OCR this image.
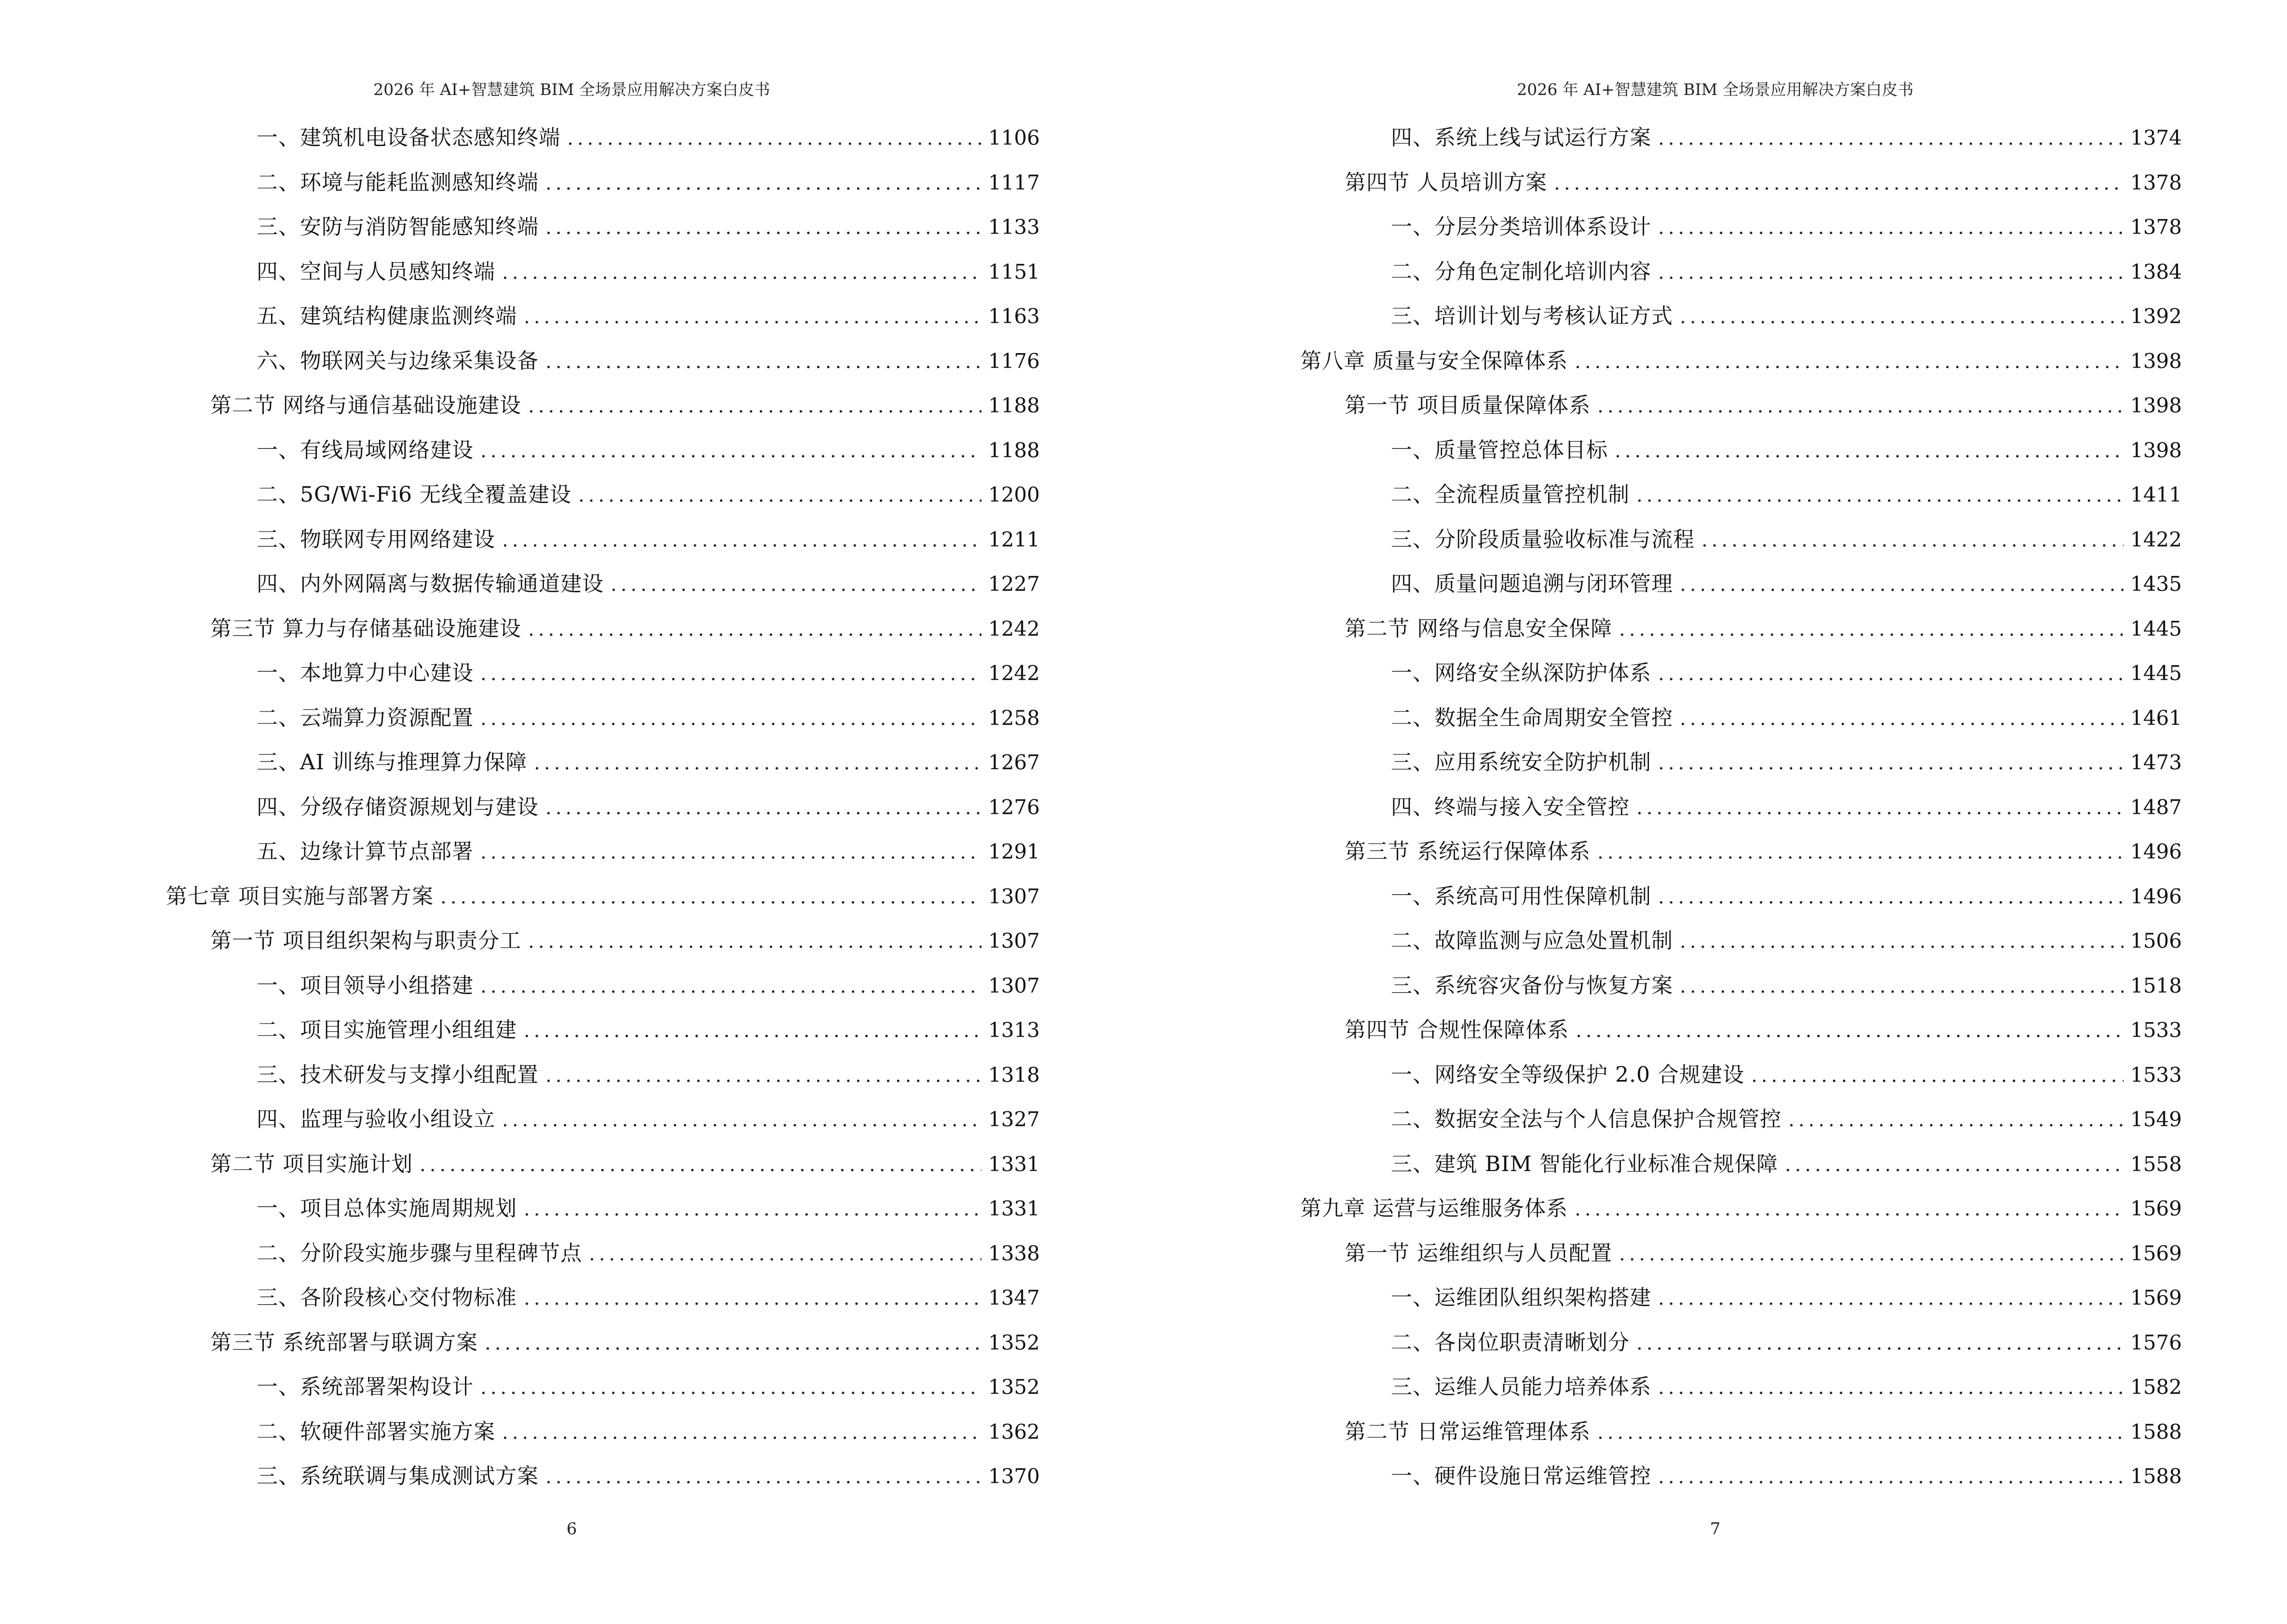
2026 年 AI+智慧建筑 BIM 全场景应用解决方案白皮书
一、建筑机电设备状态感知终端 .....	1106
二、环境与能耗监测感知终端 .....	1117
三、安防与消防智能感知终端 .....	1133
四、空间与人员感知终端 .....	1151
五、建筑结构健康监测终端 .....	1163
六、物联网关与边缘采集设备 .....	1176
第二节 网络与通信基础设施建设 .....	1188
一、有线局域网络建设 .....	1188
二、5G/Wi-Fi6 无线全覆盖建设 .....	1200
三、物联网专用网络建设 .....	1211
四、内外网隔离与数据传输通道建设 .....	1227
第三节 算力与存储基础设施建设 .....	1242
一、本地算力中心建设 .....	1242
二、云端算力资源配置 .....	1258
三、AI 训练与推理算力保障 .....	1267
四、分级存储资源规划与建设 .....	1276
五、边缘计算节点部署 .....	1291
第七章 项目实施与部署方案 .....	1307
第一节 项目组织架构与职责分工 .....	1307
一、项目领导小组搭建 .....	1307
二、项目实施管理小组组建 .....	1313
三、技术研发与支撑小组配置 .....	1318
四、监理与验收小组设立 .....	1327
第二节 项目实施计划 .....	1331
一、项目总体实施周期规划 .....	1331
二、分阶段实施步骤与里程碑节点 .....	1338
三、各阶段核心交付物标准 .....	1347
第三节 系统部署与联调方案 .....	1352
一、系统部署架构设计 .....	1352
二、软硬件部署实施方案 .....	1362
三、系统联调与集成测试方案 .....	1370
6
2026 年 AI+智慧建筑 BIM 全场景应用解决方案白皮书
四、系统上线与试运行方案 .....	1374
第四节 人员培训方案 .....	1378
一、分层分类培训体系设计 .....	1378
二、分角色定制化培训内容 .....	1384
三、培训计划与考核认证方式 .....	1392
第八章 质量与安全保障体系 .....	1398
第一节 项目质量保障体系 .....	1398
一、质量管控总体目标 .....	1398
二、全流程质量管控机制 .....	1411
三、分阶段质量验收标准与流程 .....	1422
四、质量问题追溯与闭环管理 .....	1435
第二节 网络与信息安全保障 .....	1445
一、网络安全纵深防护体系 .....	1445
二、数据全生命周期安全管控 .....	1461
三、应用系统安全防护机制 .....	1473
四、终端与接入安全管控 .....	1487
第三节 系统运行保障体系 .....	1496
一、系统高可用性保障机制 .....	1496
二、故障监测与应急处置机制 .....	1506
三、系统容灾备份与恢复方案 .....	1518
第四节 合规性保障体系 .....	1533
一、网络安全等级保护 2.0 合规建设 .....	1533
二、数据安全法与个人信息保护合规管控 .....	1549
三、建筑 BIM 智能化行业标准合规保障 .....	1558
第九章 运营与运维服务体系 .....	1569
第一节 运维组织与人员配置 .....	1569
一、运维团队组织架构搭建 .....	1569
二、各岗位职责清晰划分 .....	1576
三、运维人员能力培养体系 .....	1582
第二节 日常运维管理体系 .....	1588
一、硬件设施日常运维管控 .....	1588
7
